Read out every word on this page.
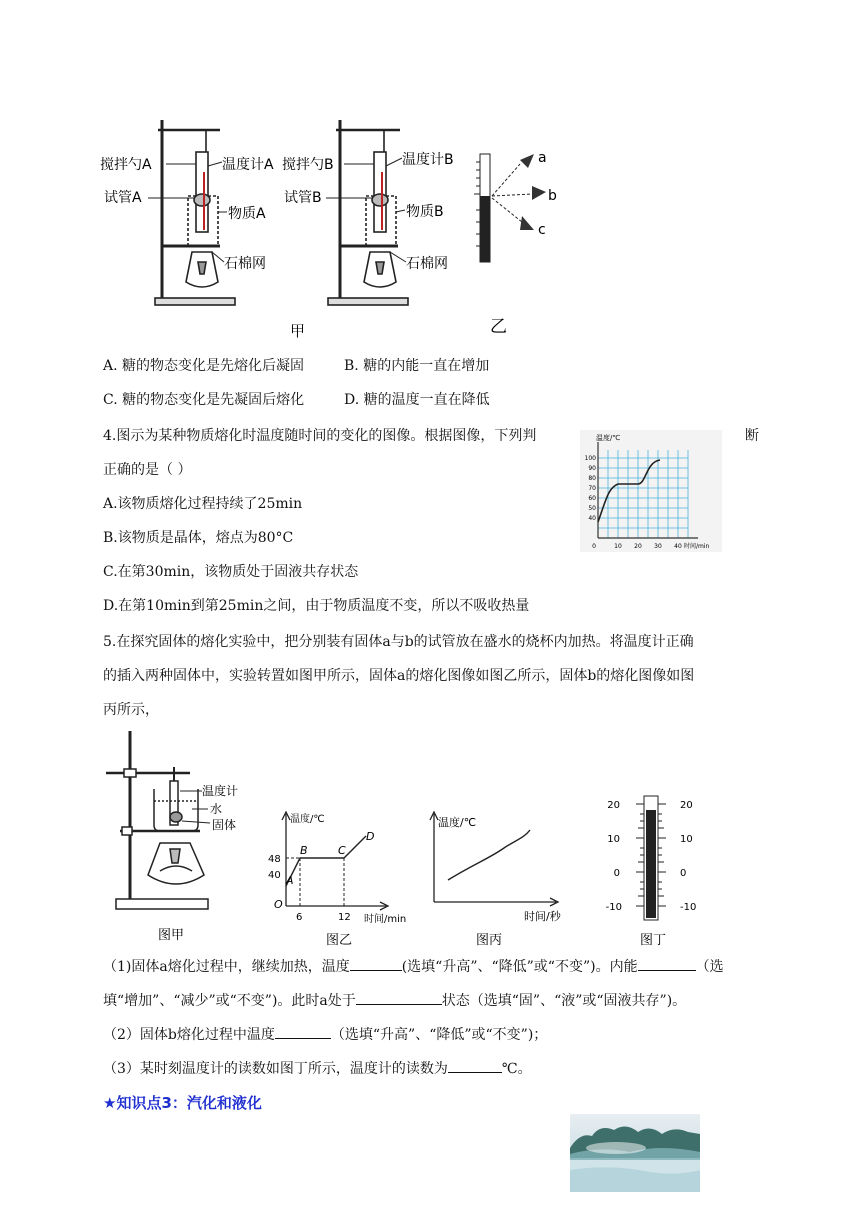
搅拌勺A	温度计A
试管A
物质A
石棉网
搅拌勺B	温度计B
试管B
物质B
石棉网
a
b
c
甲	乙
A. 糖的物态变化是先熔化后凝固	B. 糖的内能一直在增加
C. 糖的物态变化是先凝固后熔化	D. 糖的温度一直在降低
4.图示为某种物质熔化时温度随时间的变化的图像。根据图像，下列判	断
正确的是（ ）
A.该物质熔化过程持续了25min
B.该物质是晶体，熔点为80°C
C.在第30min，该物质处于固液共存状态
D.在第10min到第25min之间，由于物质温度不变，所以不吸收热量
温度/℃
100
90
80
70
60
50
40
0	10 20 30 40 时间/min
5.在探究固体的熔化实验中，把分别装有固体a与b的试管放在盛水的烧杯内加热。将温度计正确
的插入两种固体中，实验转置如图甲所示，固体a的熔化图像如图乙所示，固体b的熔化图像如图
丙所示，
温度计
水
固体
图甲
A
B	C
D
O
温度/℃
48
40
6	12 时间/min
图乙
温度/℃
时间/秒
图丙
20
10
0
-10
20
10
0
-10
图丁
（1)固体a熔化过程中，继续加热，温度	(选填“升高”、“降低”或“不变”)。内能	（选
填“增加”、“减少”或“不变”)。此时a处于	状态（选填“固”、“液”或“固液共存”)。
（2）固体b熔化过程中温度	（选填“升高”、“降低”或“不变”)；
（3）某时刻温度计的读数如图丁所示，温度计的读数为	℃。
★知识点3：汽化和液化
